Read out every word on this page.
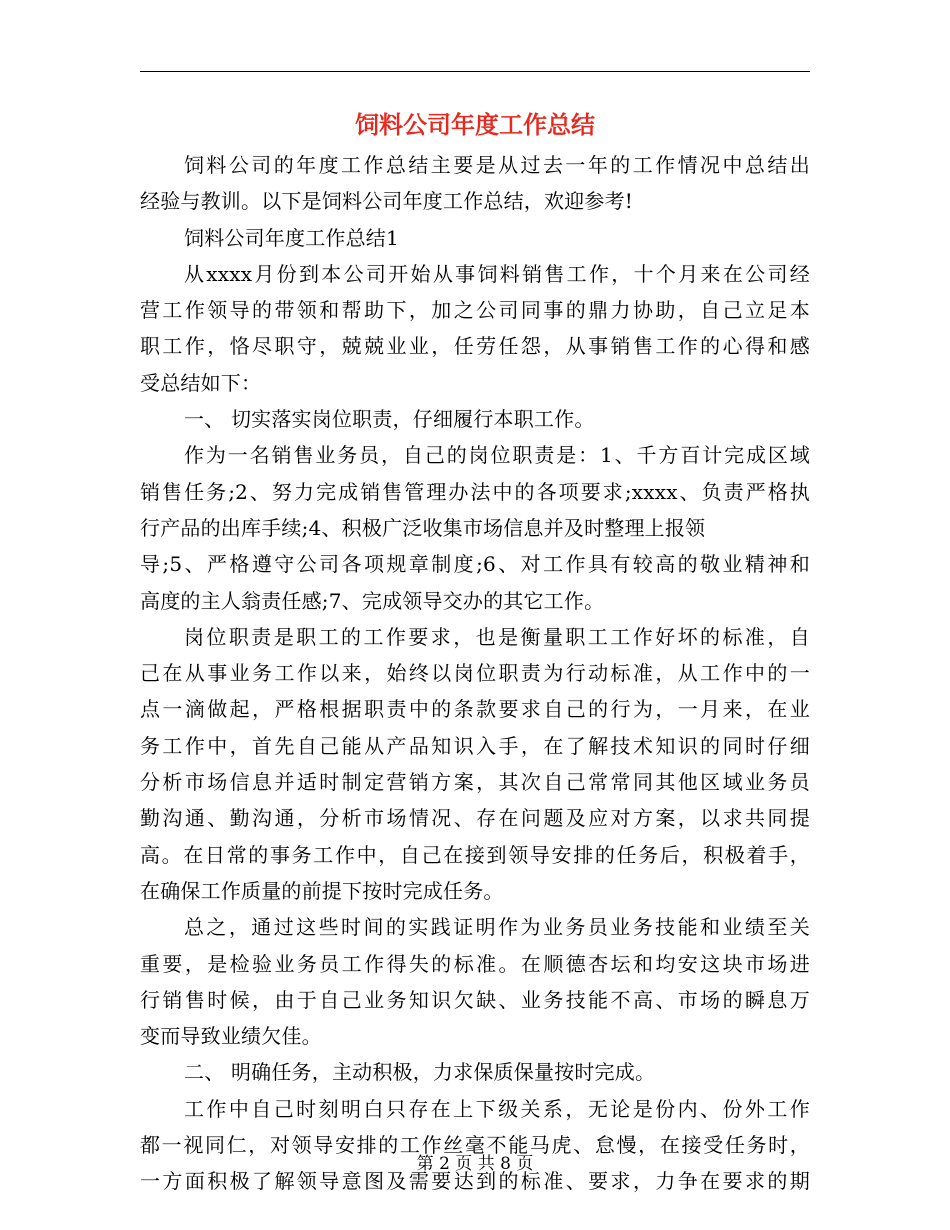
饲料公司年度工作总结
饲料公司的年度工作总结主要是从过去一年的工作情况中总结出
经验与教训。以下是饲料公司年度工作总结，欢迎参考!
饲料公司年度工作总结1
从xxxx月份到本公司开始从事饲料销售工作，十个月来在公司经
营工作领导的带领和帮助下，加之公司同事的鼎力协助，自己立足本
职工作，恪尽职守，兢兢业业，任劳任怨，从事销售工作的心得和感
受总结如下：
一、 切实落实岗位职责，仔细履行本职工作。
作为一名销售业务员，自己的岗位职责是：1、千方百计完成区域
销售任务;2、努力完成销售管理办法中的各项要求;xxxx、负责严格执
行产品的出库手续;4、积极广泛收集市场信息并及时整理上报领
导;5、严格遵守公司各项规章制度;6、对工作具有较高的敬业精神和
高度的主人翁责任感;7、完成领导交办的其它工作。
岗位职责是职工的工作要求，也是衡量职工工作好坏的标准，自
己在从事业务工作以来，始终以岗位职责为行动标准，从工作中的一
点一滴做起，严格根据职责中的条款要求自己的行为，一月来，在业
务工作中，首先自己能从产品知识入手，在了解技术知识的同时仔细
分析市场信息并适时制定营销方案，其次自己常常同其他区域业务员
勤沟通、勤沟通，分析市场情况、存在问题及应对方案，以求共同提
高。在日常的事务工作中，自己在接到领导安排的任务后，积极着手，
在确保工作质量的前提下按时完成任务。
总之，通过这些时间的实践证明作为业务员业务技能和业绩至关
重要，是检验业务员工作得失的标准。在顺德杏坛和均安这块市场进
行销售时候，由于自己业务知识欠缺、业务技能不高、市场的瞬息万
变而导致业绩欠佳。
二、 明确任务，主动积极，力求保质保量按时完成。
工作中自己时刻明白只存在上下级关系，无论是份内、份外工作
都一视同仁，对领导安排的工作丝毫不能马虎、怠慢，在接受任务时，
一方面积极了解领导意图及需要达到的标准、要求，力争在要求的期
第 2 页 共 8 页
